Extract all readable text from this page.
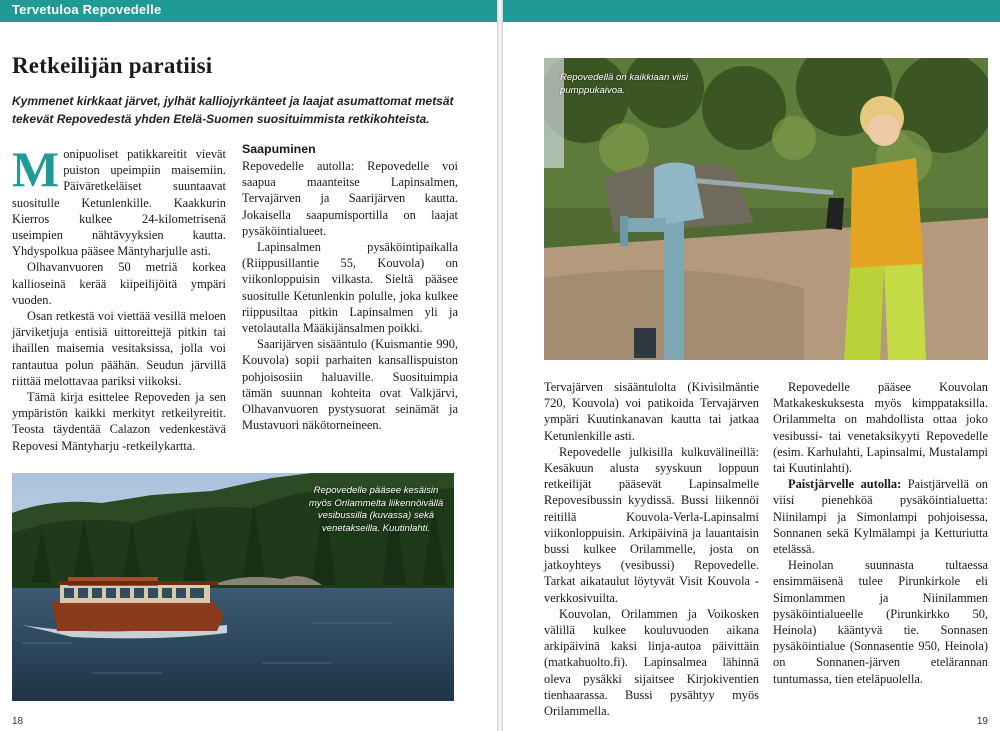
Tervetuloa Repovedelle
Retkeilijän paratiisi
Kymmenet kirkkaat järvet, jylhät kalliojyrkänteet ja laajat asumattomat metsät tekevät Repovedestä yhden Etelä-Suomen suosituimmista retkikohteista.

Monipuoliset patikkareitit vievät puiston upeimpiin maisemiin. Päiväretkeläiset suuntaavat suositulle Ketunlenkille. Kaakkurin Kierros kulkee 24-kilometrisenä useimpien nähtävyyksien kautta. Yhdyspolkua pääsee Mäntyharjulle asti.

Olhavanvuoren 50 metriä korkea kallioseinä kerää kiipeilijöitä ympäri vuoden.

Osan retkestä voi viettää vesillä meloen järviketjuja entisiä uittoreittejä pitkin tai ihaillen maisemia vesitaksissa, jolla voi rantautua polun päähän. Seudun järvillä riittää melottavaa pariksi viikoksi.

Tämä kirja esittelee Repoveden ja sen ympäristön kaikki merkityt retkeilyreitit. Teosta täydentää Calazon vedenkestävä Repovesi Mäntyharju -retkeilykartta.

Saapuminen

Repovedelle autolla: Repovedelle voi saapua maanteitse Lapinsalmen, Tervajärven ja Saarijärven kautta. Jokaisella saapumisportilla on laajat pysäköintialueet.

Lapinsalmen pysäköintipaikalla (Riippusillantie 55, Kouvola) on viikonloppuisin vilkasta. Sieltä pääsee suositulle Ketunlenkin polulle, joka kulkee riippusiltaa pitkin Lapinsalmen yli ja vetolautalla Määkijänsalmen poikki.

Saarijärven sisääntulo (Kuismantie 990, Kouvola) sopii parhaiten kansallispuiston pohjoisosiin haluaville. Suosituimpia tämän suunnan kohteita ovat Valkjärvi, Olhavanvuoren pystysuorat seinämät ja Mustavuori näkötorneineen.

Repovedelle pääsee kesäisin myös Orilammelta liikennöivällä vesibussilla (kuvassa) sekä venetakseilla. Kuutinlahti.
18
Repovedellä on kaikkiaan viisi pumppukaivoa.

Tervajärven sisääntulolta (Kivisilmäntie 720, Kouvola) voi patikoida Tervajärven ympäri Kuutinkanavan kautta tai jatkaa Ketunlenkille asti.

Repovedelle julkisilla kulkuvälineillä: Kesäkuun alusta syyskuun loppuun retkeilijät pääsevät Lapinsalmelle Repovesibussin kyydissä. Bussi liikennöi reitillä Kouvola-Verla-Lapinsalmi viikonloppuisin. Arkipäivinä ja lauantaisin bussi kulkee Orilammelle, josta on jatkoyhteys (vesibussi) Repovedelle. Tarkat aikataulut löytyvät Visit Kouvola -verkkosivuilta.

Kouvolan, Orilammen ja Voikosken välillä kulkee kouluvuoden aikana arkipäivinä kaksi linja-autoa päivittäin (matkahuolto.fi). Lapinsalmea lähinnä oleva pysäkki sijaitsee Kirjokiventien tienhaarassa. Bussi pysähtyy myös Orilammella.

Repovedelle pääsee Kouvolan Matkakeskuksesta myös kimppataksilla. Orilammelta on mahdollista ottaa joko vesibussi- tai venetaksikyyti Repovedelle (esim. Karhulahti, Lapinsalmi, Mustalampi tai Kuutinlahti).

Paistjärvelle autolla: Paistjärvellä on viisi pienehköä pysäköintialuetta: Niinilampi ja Simonlampi pohjoisessa, Sonnanen sekä Kylmälampi ja Ketturiutta etelässä.

Heinolan suunnasta tultaessa ensimmäisenä tulee Pirunkirkole eli Simonlammen ja Niinilammen pysäköintialueelle (Pirunkirkko 50, Heinola) kääntyvä tie. Sonnasen pysäköintialue (Sonnasentie 950, Heinola) on Sonnanen-järven etelärannan tuntumassa, tien eteläpuolella.

19
